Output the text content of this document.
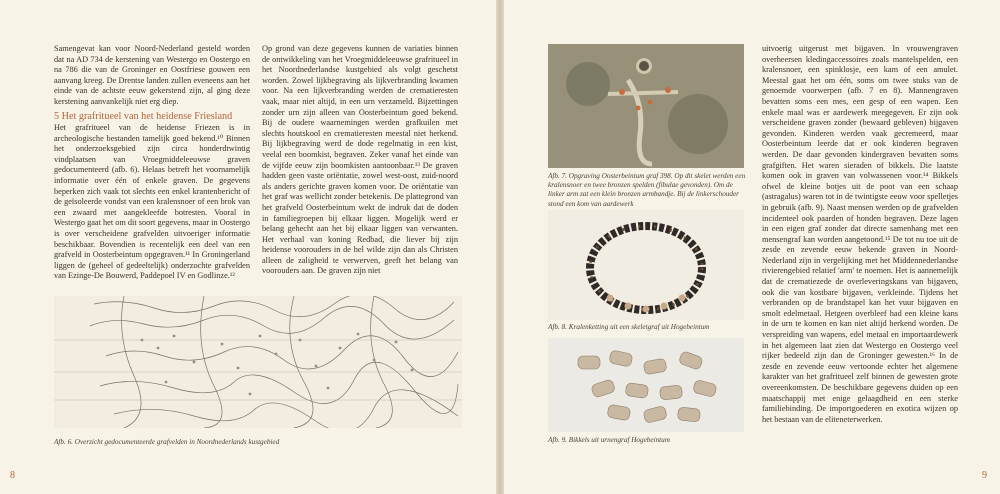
Samengevat kan voor Noord-Nederland gesteld worden dat na AD 734 de kerstening van Westergo en Oostergo en na 786 die van de Groninger en Oostfriese gouwen een aanvang kreeg. De Drentse landen zullen eveneens aan het einde van de achtste eeuw gekerstend zijn, al ging deze kerstening aanvankelijk niet erg diep.

5 Het grafritueel van het heidense Friesland

Het grafritueel van de heidense Friezen is in archeologische bestanden tamelijk goed bekend.¹⁰ Binnen het onderzoeksgebied zijn circa honderdtwintig vindplaatsen van Vroegmiddeleeuwse graven gedocumenteerd (afb. 6). Helaas betreft het voornamelijk informatie over één of enkele graven. De gegevens beperken zich vaak tot slechts een enkel krantenbericht of de geïsoleerde vondst van een kralensnoer of een brok van een zwaard met aangekleefde botresten. Vooral in Westergo gaat het om dit soort gegevens, maar in Oostergo is over verscheidene grafvelden uitvoeriger informatie beschikbaar. Bovendien is recentelijk een deel van een grafveld in Oosterbeintum opgegraven.¹¹ In Groningerland liggen de (geheel of gedeeltelijk) onderzochte grafvelden van Ezinge-De Bouwerd, Paddepoel IV en Godlinze.¹²

Op grond van deze gegevens kunnen de variaties binnen de ontwikkeling van het Vroegmiddeleeuwse grafritueel in het Noordnederlandse kustgebied als volgt geschetst worden. Zowel lijkbegraving als lijkverbranding kwamen voor. Na een lijkverbranding werden de crematieresten vaak, maar niet altijd, in een urn verzameld. Bijzettingen zonder urn zijn alleen van Oosterbeintum goed bekend. Bij de oudere waarnemingen werden grafkuilen met slechts houtskool en crematieresten meestal niet herkend. Bij lijkbegraving werd de dode regelmatig in een kist, veelal een boomkist, begraven. Zeker vanaf het einde van de vijfde eeuw zijn boomkisten aantoonbaar.¹³ De graven hadden geen vaste oriëntatie, zowel west-oost, zuid-noord als anders gerichte graven komen voor. De oriëntatie van het graf was wellicht zonder betekenis. De plattegrond van het grafveld Oosterbeintum wekt de indruk dat de doden in familiegroepen bij elkaar liggen. Mogelijk werd er belang gehecht aan het bij elkaar liggen van verwanten. Het verhaal van koning Redbad, die liever bij zijn heidense voorouders in de hel wilde zijn dan als Christen alleen de zaligheid te verwerven, geeft het belang van voorouders aan. De graven zijn niet

Afb. 6. Overzicht gedocumenteerde grafvelden in Noordnederlands kustgebied

8

Afb. 7. Opgraving Oosterbeintum graf 398. Op dit skelet werden een kralensnoer en twee bronzen spelden (fibulae gevonden). Om de linker arm zat een klein bronzen armbandje. Bij de linkerschouder stond een kom van aardewerk

Afb. 8. Kralenketting uit een skeletgraf uit Hogebeintum

Afb. 9. Bikkels uit urnengraf Hogebeintum

uitvoerig uitgerust met bijgaven. In vrouwengraven overheersen kledingaccessoires zoals mantelspelden, een kralensnoer, een spinklosje, een kam of een amulet. Meestal gaat het om één, soms om twee stuks van de genoemde voorwerpen (afb. 7 en 8). Mannengraven bevatten soms een mes, een gesp of een wapen. Een enkele maal was er aardewerk meegegeven. Er zijn ook verscheidene graven zonder (bewaard gebleven) bijgaven gevonden. Kinderen werden vaak gecremeerd, maar Oosterbeintum leerde dat er ook kinderen begraven werden. De daar gevonden kindergraven bevatten soms grafgiften. Het waren sieraden of bikkels. Die laatste komen ook in graven van volwassenen voor.¹⁴ Bikkels ofwel de kleine botjes uit de poot van een schaap (astragalus) waren tot in de twintigste eeuw voor spelletjes in gebruik (afb. 9). Naast mensen werden op de grafvelden incidenteel ook paarden of honden begraven. Deze lagen in een eigen graf zonder dat directe samenhang met een mensengraf kan worden aangetoond.¹⁵ De tot nu toe uit de zesde en zevende eeuw bekende graven in Noord-Nederland zijn in vergelijking met het Middennederlandse rivierengebied relatief 'arm' te noemen. Het is aannemelijk dat de crematiezede de overleveringskans van bijgaven, ook die van kostbare bijgaven, verkleinde. Tijdens het verbranden op de brandstapel kan het vuur bijgaven en smolt edelmetaal. Hetgeen overbleef had een kleine kans in de urn te komen en kan niet altijd herkend worden. De verspreiding van wapens, edel metaal en importaardewerk in het algemeen laat zien dat Westergo en Oostergo veel rijker bedeeld zijn dan de Groninger gewesten.¹⁶ In de zesde en zevende eeuw vertoonde echter het algemene karakter van het grafritueel zelf binnen de gewesten grote overeenkomsten. De beschikbare gegevens duiden op een maatschappij met enige gelaagdheid en een sterke familiebinding. De importgoederen en exotica wijzen op het bestaan van de eliteneterwerken.

9
